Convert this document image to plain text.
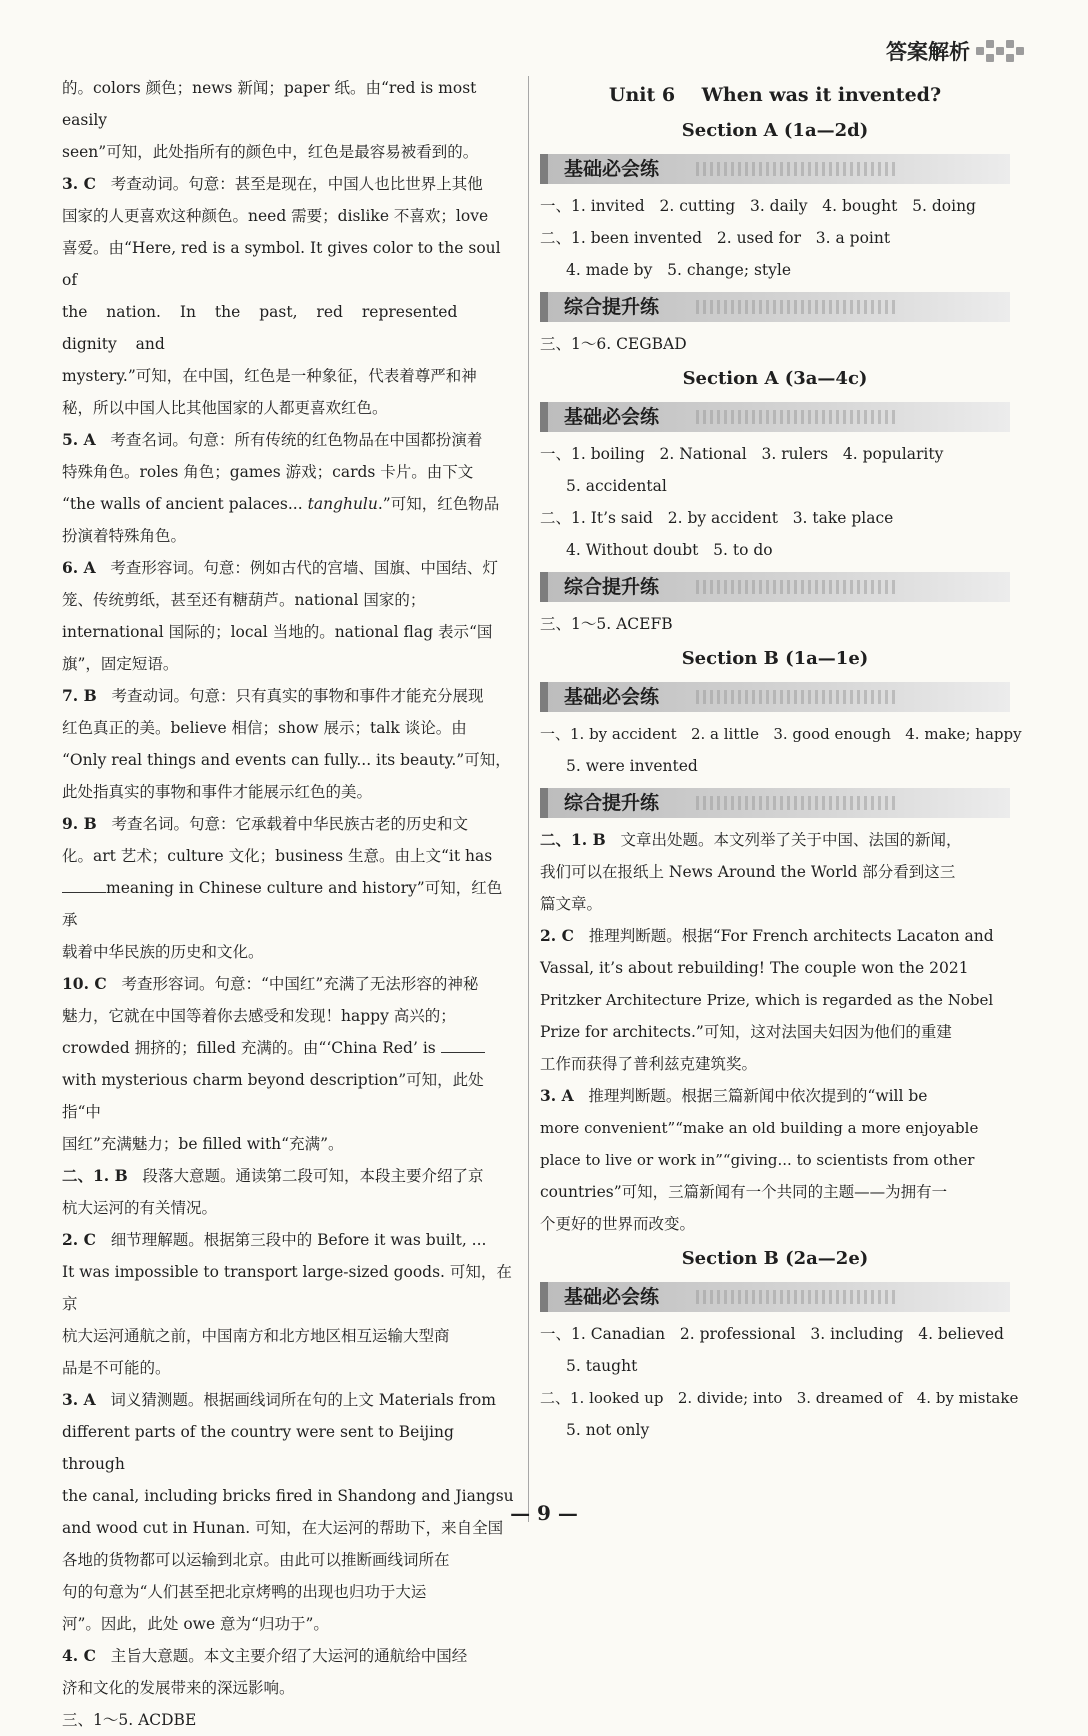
答案解析

的。colors 颜色；news 新闻；paper 纸。由“red is most easily

seen”可知，此处指所有的颜色中，红色是最容易被看到的。

3. C 考查动词。句意：甚至是现在，中国人也比世界上其他

国家的人更喜欢这种颜色。need 需要；dislike 不喜欢；love

喜爱。由“Here, red is a symbol. It gives color to the soul of

the nation. In the past, red represented dignity and

mystery.”可知，在中国，红色是一种象征，代表着尊严和神

秘，所以中国人比其他国家的人都更喜欢红色。

5. A 考查名词。句意：所有传统的红色物品在中国都扮演着

特殊角色。roles 角色；games 游戏；cards 卡片。由下文

“the walls of ancient palaces... tanghulu.”可知，红色物品

扮演着特殊角色。

6. A 考查形容词。句意：例如古代的宫墙、国旗、中国结、灯

笼、传统剪纸，甚至还有糖葫芦。national 国家的；

international 国际的；local 当地的。national flag 表示“国

旗”，固定短语。

7. B 考查动词。句意：只有真实的事物和事件才能充分展现

红色真正的美。believe 相信；show 展示；talk 谈论。由

“Only real things and events can fully... its beauty.”可知，

此处指真实的事物和事件才能展示红色的美。

9. B 考查名词。句意：它承载着中华民族古老的历史和文

化。art 艺术；culture 文化；business 生意。由上文“it has

meaning in Chinese culture and history”可知，红色承

载着中华民族的历史和文化。

10. C 考查形容词。句意：“中国红”充满了无法形容的神秘

魅力，它就在中国等着你去感受和发现！happy 高兴的；

crowded 拥挤的；filled 充满的。由“‘China Red’ is

with mysterious charm beyond description”可知，此处指“中

国红”充满魅力；be filled with“充满”。

二、1. B 段落大意题。通读第二段可知，本段主要介绍了京

杭大运河的有关情况。

2. C 细节理解题。根据第三段中的 Before it was built, ...

It was impossible to transport large-sized goods. 可知，在京

杭大运河通航之前，中国南方和北方地区相互运输大型商

品是不可能的。

3. A 词义猜测题。根据画线词所在句的上文 Materials from

different parts of the country were sent to Beijing through

the canal, including bricks fired in Shandong and Jiangsu

and wood cut in Hunan. 可知，在大运河的帮助下，来自全国

各地的货物都可以运输到北京。由此可以推断画线词所在

句的句意为“人们甚至把北京烤鸭的出现也归功于大运

河”。因此，此处 owe 意为“归功于”。

4. C 主旨大意题。本文主要介绍了大运河的通航给中国经

济和文化的发展带来的深远影响。

三、1～5. ACDBE

Unit 6    When was it invented?

Section A (1a—2d)

基础必会练

一、1. invited   2. cutting   3. daily   4. bought   5. doing

二、1. been invented   2. used for   3. a point

4. made by   5. change; style

综合提升练

三、1～6. CEGBAD

Section A (3a—4c)

基础必会练

一、1. boiling   2. National   3. rulers   4. popularity

5. accidental

二、1. It’s said   2. by accident   3. take place

4. Without doubt   5. to do

综合提升练

三、1～5. ACEFB

Section B (1a—1e)

基础必会练

一、1. by accident   2. a little   3. good enough   4. make; happy

5. were invented

综合提升练

二、1. B 文章出处题。本文列举了关于中国、法国的新闻，

我们可以在报纸上 News Around the World 部分看到这三

篇文章。

2. C 推理判断题。根据“For French architects Lacaton and

Vassal, it’s about rebuilding! The couple won the 2021

Pritzker Architecture Prize, which is regarded as the Nobel

Prize for architects.”可知，这对法国夫妇因为他们的重建

工作而获得了普利兹克建筑奖。

3. A 推理判断题。根据三篇新闻中依次提到的“will be

more convenient”“make an old building a more enjoyable

place to live or work in”“giving... to scientists from other

countries”可知，三篇新闻有一个共同的主题——为拥有一

个更好的世界而改变。

Section B (2a—2e)

基础必会练

一、1. Canadian   2. professional   3. including   4. believed

5. taught

二、1. looked up   2. divide; into   3. dreamed of   4. by mistake

5. not only

— 9 —
